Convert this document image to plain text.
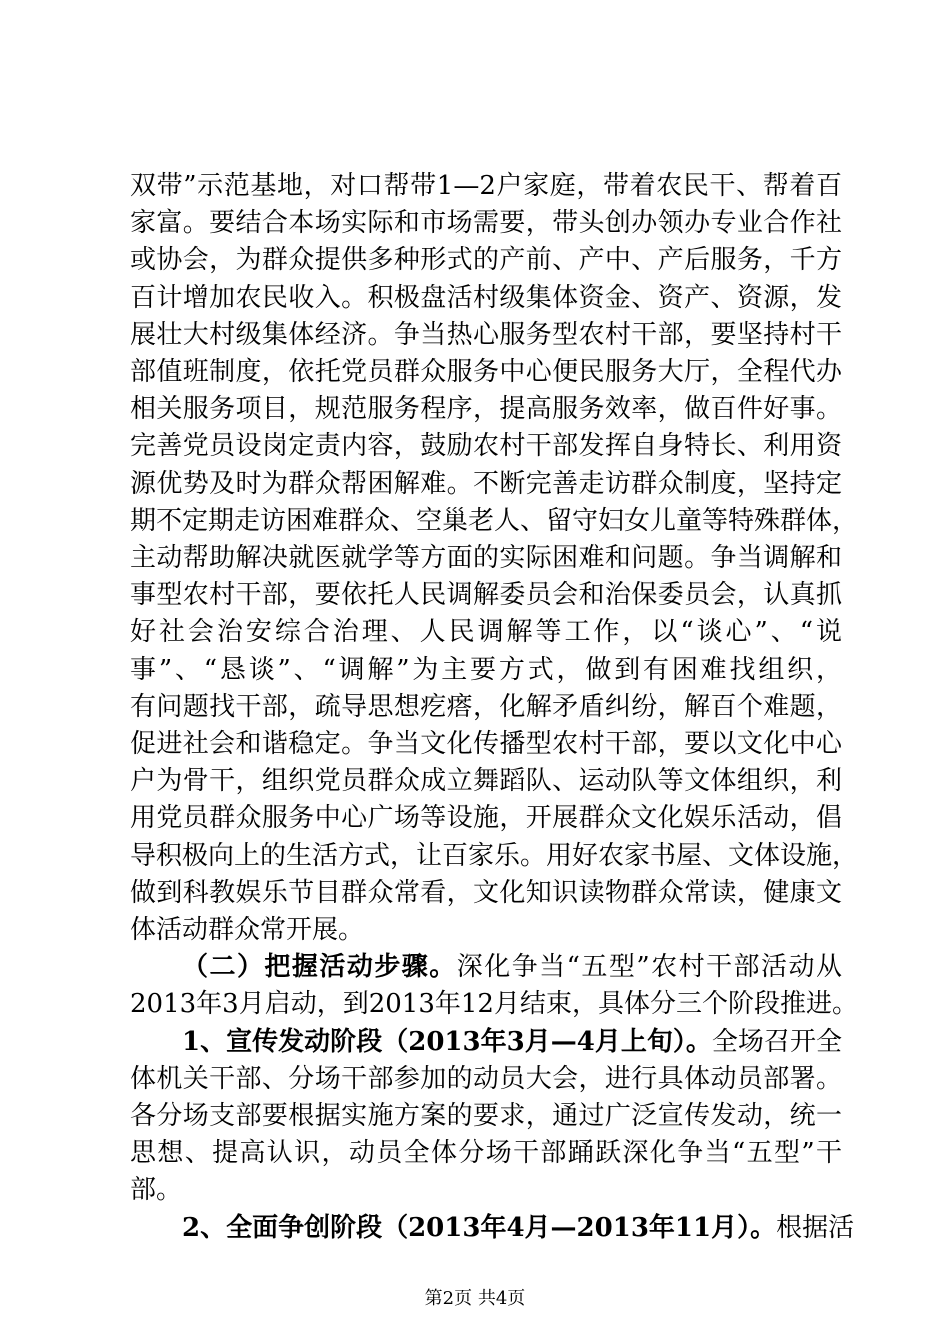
双带”示范基地，对口帮带1—2户家庭，带着农民干、帮着百
家富。要结合本场实际和市场需要，带头创办领办专业合作社
或协会，为群众提供多种形式的产前、产中、产后服务，千方
百计增加农民收入。积极盘活村级集体资金、资产、资源，发
展壮大村级集体经济。争当热心服务型农村干部，要坚持村干
部值班制度，依托党员群众服务中心便民服务大厅，全程代办
相关服务项目，规范服务程序，提高服务效率，做百件好事。
完善党员设岗定责内容，鼓励农村干部发挥自身特长、利用资
源优势及时为群众帮困解难。不断完善走访群众制度，坚持定
期不定期走访困难群众、空巢老人、留守妇女儿童等特殊群体，
主动帮助解决就医就学等方面的实际困难和问题。争当调解和
事型农村干部，要依托人民调解委员会和治保委员会，认真抓
好社会治安综合治理、人民调解等工作，以“谈心”、“说
事”、“恳谈”、“调解”为主要方式，做到有困难找组织，
有问题找干部，疏导思想疙瘩，化解矛盾纠纷，解百个难题，
促进社会和谐稳定。争当文化传播型农村干部，要以文化中心
户为骨干，组织党员群众成立舞蹈队、运动队等文体组织，利
用党员群众服务中心广场等设施，开展群众文化娱乐活动，倡
导积极向上的生活方式，让百家乐。用好农家书屋、文体设施，
做到科教娱乐节目群众常看，文化知识读物群众常读，健康文
体活动群众常开展。
（二）把握活动步骤。深化争当“五型”农村干部活动从
2013年3月启动，到2013年12月结束，具体分三个阶段推进。
1、宣传发动阶段（2013年3月—4月上旬）。全场召开全
体机关干部、分场干部参加的动员大会，进行具体动员部署。
各分场支部要根据实施方案的要求，通过广泛宣传发动，统一
思想、提高认识，动员全体分场干部踊跃深化争当“五型”干
部。
2、全面争创阶段（2013年4月—2013年11月）。根据活
第2页 共4页
